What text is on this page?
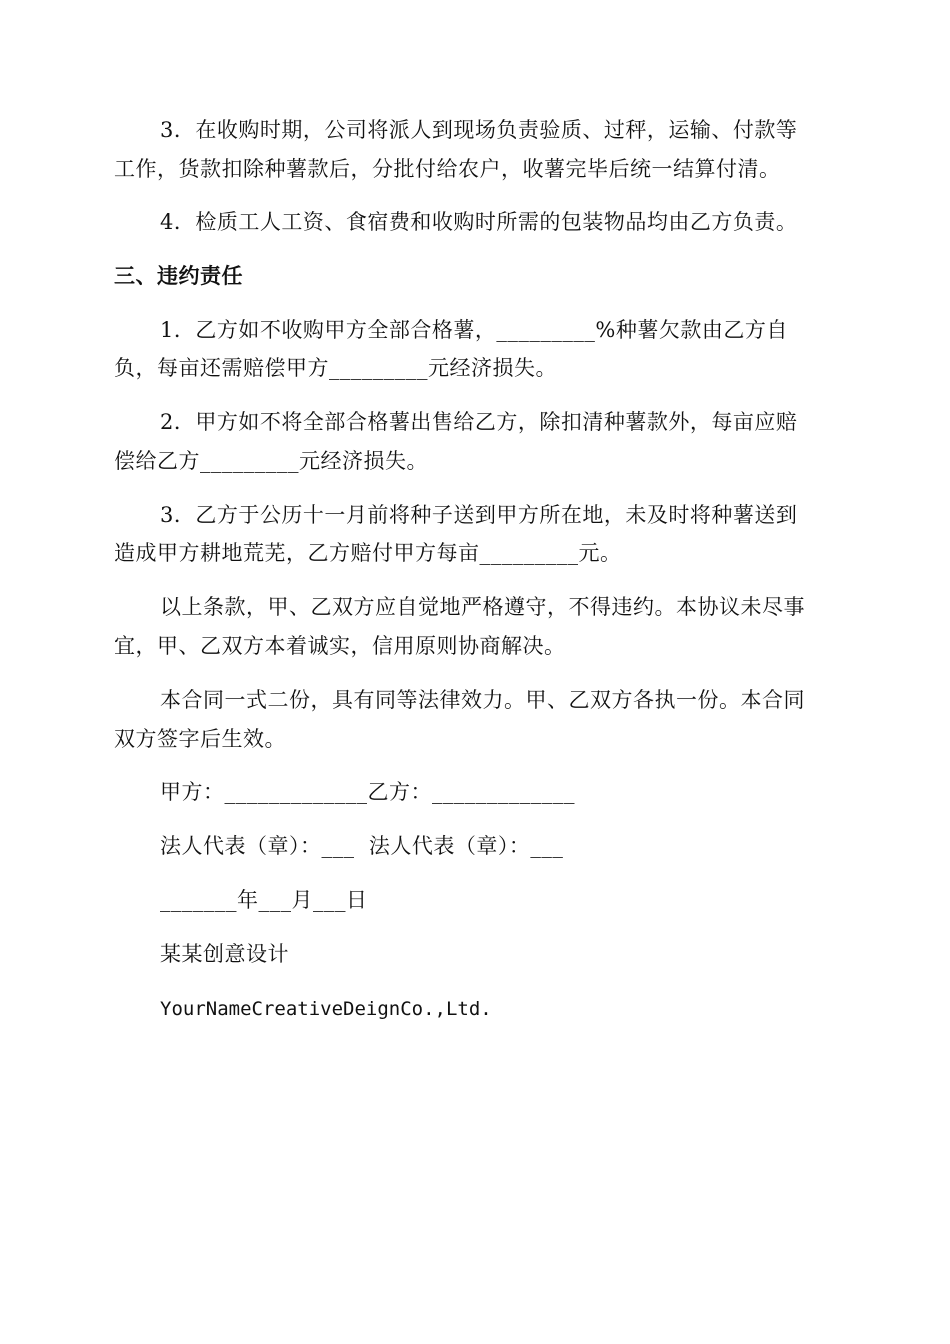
3．在收购时期，公司将派人到现场负责验质、过秤，运输、付款等
工作，货款扣除种薯款后，分批付给农户，收薯完毕后统一结算付清。
4．检质工人工资、食宿费和收购时所需的包装物品均由乙方负责。
三、违约责任
1．乙方如不收购甲方全部合格薯，_________%种薯欠款由乙方自
负，每亩还需赔偿甲方_________元经济损失。
2．甲方如不将全部合格薯出售给乙方，除扣清种薯款外，每亩应赔
偿给乙方_________元经济损失。
3．乙方于公历十一月前将种子送到甲方所在地，未及时将种薯送到
造成甲方耕地荒芜，乙方赔付甲方每亩_________元。
以上条款，甲、乙双方应自觉地严格遵守，不得违约。本协议未尽事
宜，甲、乙双方本着诚实，信用原则协商解决。
本合同一式二份，具有同等法律效力。甲、乙双方各执一份。本合同
双方签字后生效。
甲方：_____________乙方：_____________
法人代表（章）：___  法人代表（章）：___
_______年___月___日
某某创意设计
YourNameCreativeDeignCo.,Ltd.
